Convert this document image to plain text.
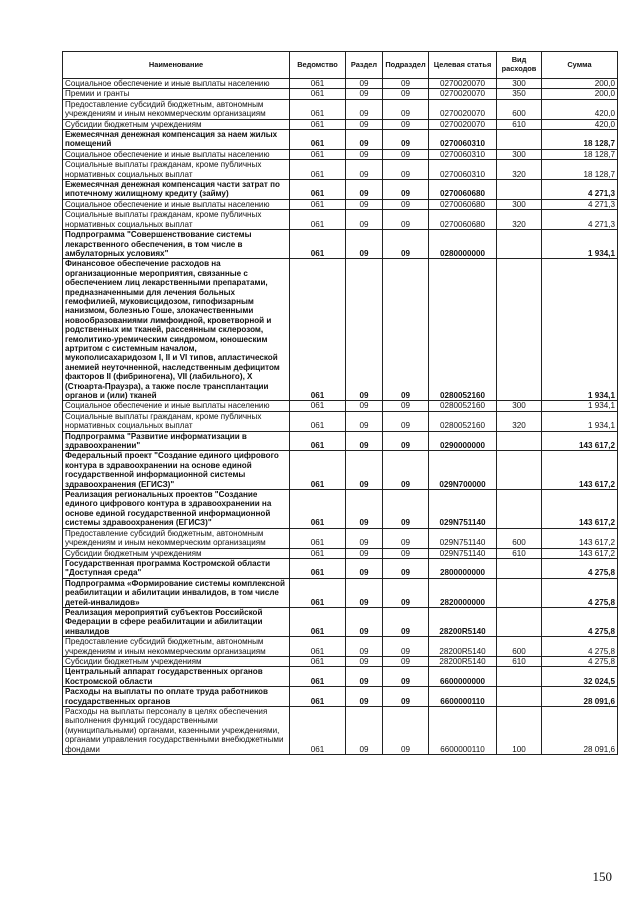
Наименование	Ведомство	Раздел	Подраздел	Целевая статья	Вид расходов	Сумма
Социальное обеспечение и иные выплаты населению	061	09	09	0270020070	300	200,0
Премии и гранты	061	09	09	0270020070	350	200,0
Предоставление субсидий бюджетным, автономным учреждениям и иным некоммерческим организациям	061	09	09	0270020070	600	420,0
Субсидии бюджетным учреждениям	061	09	09	0270020070	610	420,0
Ежемесячная денежная компенсация за наем жилых помещений	061	09	09	0270060310		18 128,7
Социальное обеспечение и иные выплаты населению	061	09	09	0270060310	300	18 128,7
Социальные выплаты гражданам, кроме публичных нормативных социальных выплат	061	09	09	0270060310	320	18 128,7
Ежемесячная денежная компенсация части затрат по ипотечному жилищному кредиту (займу)	061	09	09	0270060680		4 271,3
Социальное обеспечение и иные выплаты населению	061	09	09	0270060680	300	4 271,3
Социальные выплаты гражданам, кроме публичных нормативных социальных выплат	061	09	09	0270060680	320	4 271,3
Подпрограмма "Совершенствование системы лекарственного обеспечения, в том числе в амбулаторных условиях"	061	09	09	0280000000		1 934,1
Финансовое обеспечение расходов на организационные мероприятия, связанные с обеспечением лиц лекарственными препаратами, предназначенными для лечения больных гемофилией, муковисцидозом, гипофизарным нанизмом, болезнью Гоше, злокачественными новообразованиями лимфоидной, кроветворной и родственных им тканей, рассеянным склерозом, гемолитико-уремическим синдромом, юношеским артритом с системным началом, мукополисахаридозом I, II и VI типов, апластической анемией неуточненной, наследственным дефицитом факторов II (фибриногена), VII (лабильного), X (Стюарта-Праузра), а также после трансплантации органов и (или) тканей	061	09	09	0280052160		1 934,1
Социальное обеспечение и иные выплаты населению	061	09	09	0280052160	300	1 934,1
Социальные выплаты гражданам, кроме публичных нормативных социальных выплат	061	09	09	0280052160	320	1 934,1
Подпрограмма "Развитие информатизации в здравоохранении"	061	09	09	0290000000		143 617,2
Федеральный проект "Создание единого цифрового контура в здравоохранении на основе единой государственной информационной системы здравоохранения (ЕГИСЗ)"	061	09	09	029N700000		143 617,2
Реализация региональных проектов "Создание единого цифрового контура в здравоохранении на основе единой государственной информационной системы здравоохранения (ЕГИСЗ)"	061	09	09	029N751140		143 617,2
Предоставление субсидий бюджетным, автономным учреждениям и иным некоммерческим организациям	061	09	09	029N751140	600	143 617,2
Субсидии бюджетным учреждениям	061	09	09	029N751140	610	143 617,2
Государственная программа Костромской области "Доступная среда"	061	09	09	2800000000		4 275,8
Подпрограмма «Формирование системы комплексной реабилитации и абилитации инвалидов, в том числе детей-инвалидов»	061	09	09	2820000000		4 275,8
Реализация мероприятий субъектов Российской Федерации в сфере реабилитации и абилитации инвалидов	061	09	09	28200R5140		4 275,8
Предоставление субсидий бюджетным, автономным учреждениям и иным некоммерческим организациям	061	09	09	28200R5140	600	4 275,8
Субсидии бюджетным учреждениям	061	09	09	28200R5140	610	4 275,8
Центральный аппарат государственных органов Костромской области	061	09	09	6600000000		32 024,5
Расходы на выплаты по оплате труда работников государственных органов	061	09	09	6600000110		28 091,6
Расходы на выплаты персоналу в целях обеспечения выполнения функций государственными (муниципальными) органами, казенными учреждениями, органами управления государственными внебюджетными фондами	061	09	09	6600000110	100	28 091,6
150
